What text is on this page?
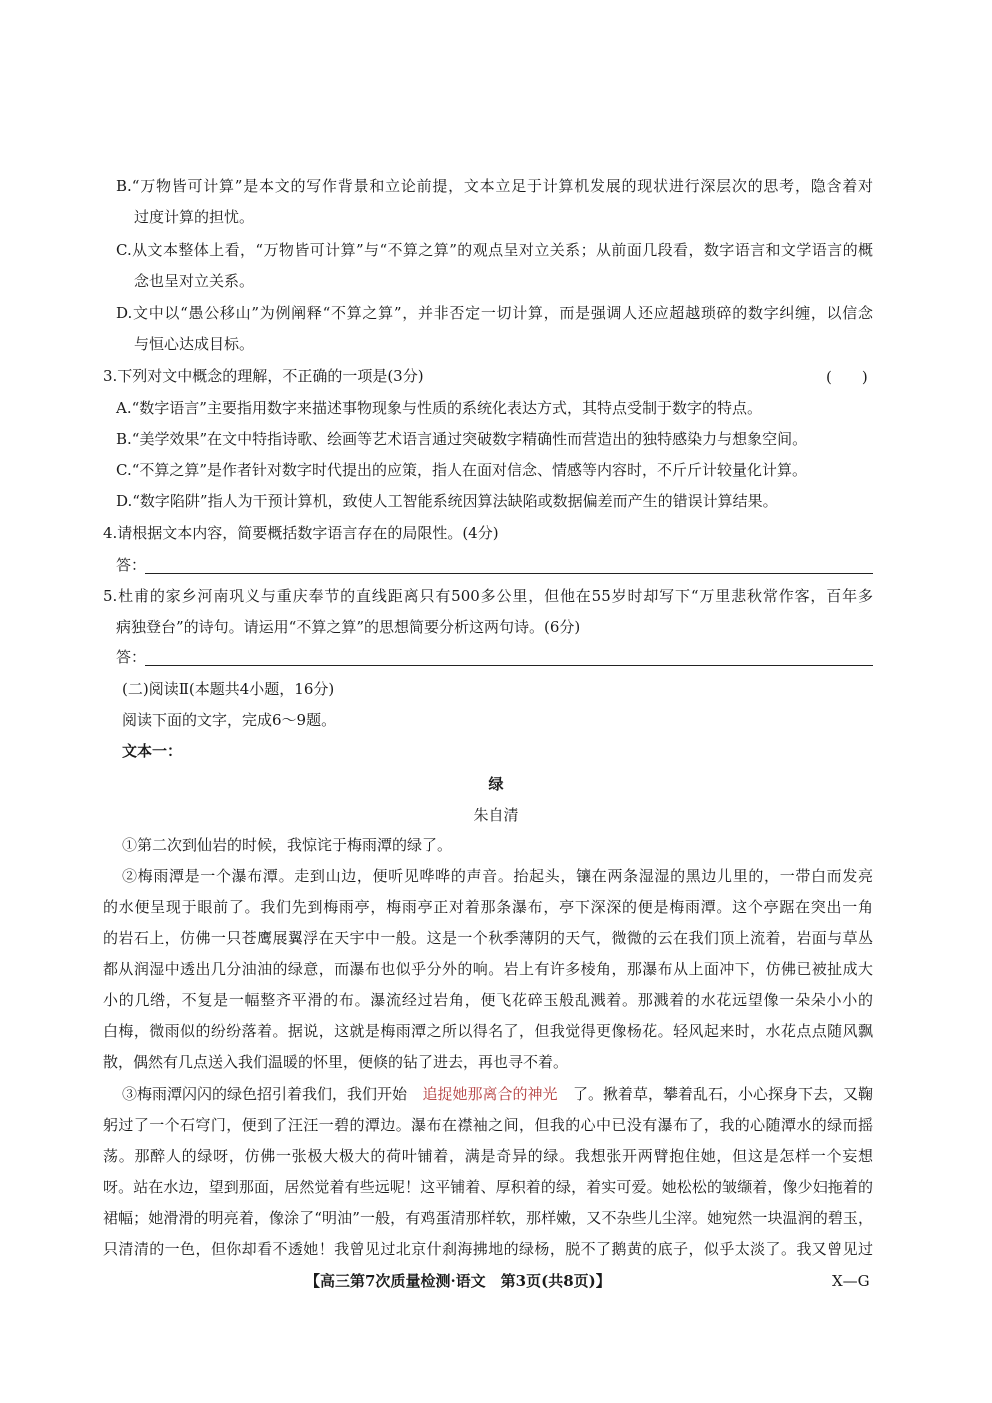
B.“万物皆可计算”是本文的写作背景和立论前提，文本立足于计算机发展的现状进行深层次的思考，隐含着对
过度计算的担忧。
C.从文本整体上看，“万物皆可计算”与“不算之算”的观点呈对立关系；从前面几段看，数字语言和文学语言的概
念也呈对立关系。
D.文中以“愚公移山”为例阐释“不算之算”，并非否定一切计算，而是强调人还应超越琐碎的数字纠缠，以信念
与恒心达成目标。
3.下列对文中概念的理解，不正确的一项是(3分)	(　　)
A.“数字语言”主要指用数字来描述事物现象与性质的系统化表达方式，其特点受制于数字的特点。
B.“美学效果”在文中特指诗歌、绘画等艺术语言通过突破数字精确性而营造出的独特感染力与想象空间。
C.“不算之算”是作者针对数字时代提出的应策，指人在面对信念、情感等内容时，不斤斤计较量化计算。
D.“数字陷阱”指人为干预计算机，致使人工智能系统因算法缺陷或数据偏差而产生的错误计算结果。
4.请根据文本内容，简要概括数字语言存在的局限性。(4分)
答：
5.杜甫的家乡河南巩义与重庆奉节的直线距离只有500多公里，但他在55岁时却写下“万里悲秋常作客，百年多
病独登台”的诗句。请运用“不算之算”的思想简要分析这两句诗。(6分)
答：
(二)阅读Ⅱ(本题共4小题，16分)
阅读下面的文字，完成6～9题。
文本一：
绿
朱自清
①第二次到仙岩的时候，我惊诧于梅雨潭的绿了。
②梅雨潭是一个瀑布潭。走到山边，便听见哗哗的声音。抬起头，镶在两条湿湿的黑边儿里的，一带白而发亮
的水便呈现于眼前了。我们先到梅雨亭，梅雨亭正对着那条瀑布，亭下深深的便是梅雨潭。这个亭踞在突出一角
的岩石上，仿佛一只苍鹰展翼浮在天宇中一般。这是一个秋季薄阴的天气，微微的云在我们顶上流着，岩面与草丛
都从润湿中透出几分油油的绿意，而瀑布也似乎分外的响。岩上有许多棱角，那瀑布从上面冲下，仿佛已被扯成大
小的几绺，不复是一幅整齐平滑的布。瀑流经过岩角，便飞花碎玉般乱溅着。那溅着的水花远望像一朵朵小小的
白梅，微雨似的纷纷落着。据说，这就是梅雨潭之所以得名了，但我觉得更像杨花。轻风起来时，水花点点随风飘
散，偶然有几点送入我们温暖的怀里，便倏的钻了进去，再也寻不着。
③梅雨潭闪闪的绿色招引着我们，我们开始 追捉她那离合的神光 了。揪着草，攀着乱石，小心探身下去，又鞠
躬过了一个石穹门，便到了汪汪一碧的潭边。瀑布在襟袖之间，但我的心中已没有瀑布了，我的心随潭水的绿而摇
荡。那醉人的绿呀，仿佛一张极大极大的荷叶铺着，满是奇异的绿。我想张开两臂抱住她，但这是怎样一个妄想
呀。站在水边，望到那面，居然觉着有些远呢！这平铺着、厚积着的绿，着实可爱。她松松的皱缬着，像少妇拖着的
裙幅；她滑滑的明亮着，像涂了“明油”一般，有鸡蛋清那样软，那样嫩，又不杂些儿尘滓。她宛然一块温润的碧玉，
只清清的一色，但你却看不透她！我曾见过北京什刹海拂地的绿杨，脱不了鹅黄的底子，似乎太淡了。我又曾见过
【高三第7次质量检测·语文　第3页(共8页)】	X—G
